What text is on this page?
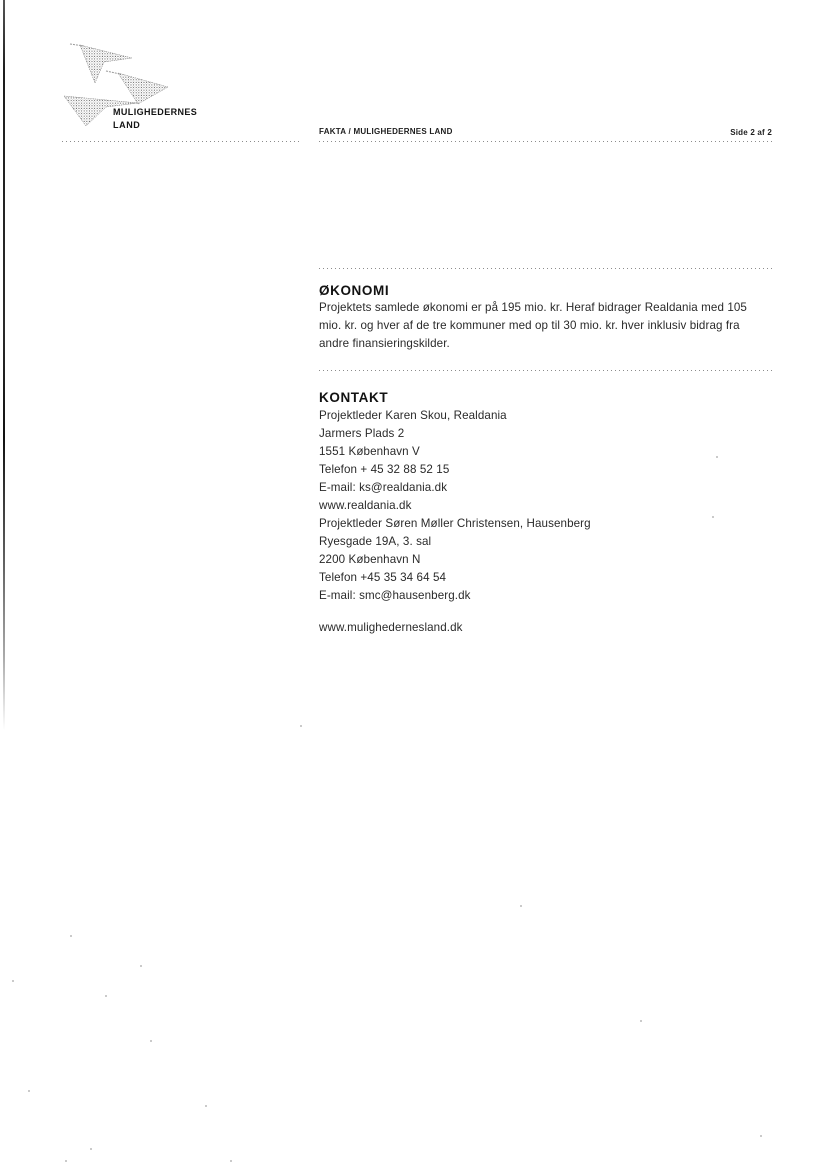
MULIGHEDERNES
LAND
FAKTA / MULIGHEDERNES LAND	Side 2 af 2
ØKONOMI
Projektets samlede økonomi er på 195 mio. kr. Heraf bidrager Realdania med 105
mio. kr. og hver af de tre kommuner med op til 30 mio. kr. hver inklusiv bidrag fra
andre finansieringskilder.
KONTAKT
Projektleder Karen Skou, Realdania
Jarmers Plads 2
1551 København V
Telefon + 45 32 88 52 15
E-mail: ks@realdania.dk
www.realdania.dk
Projektleder Søren Møller Christensen, Hausenberg
Ryesgade 19A, 3. sal
2200 København N
Telefon +45 35 34 64 54
E-mail: smc@hausenberg.dk
www.mulighedernesland.dk
